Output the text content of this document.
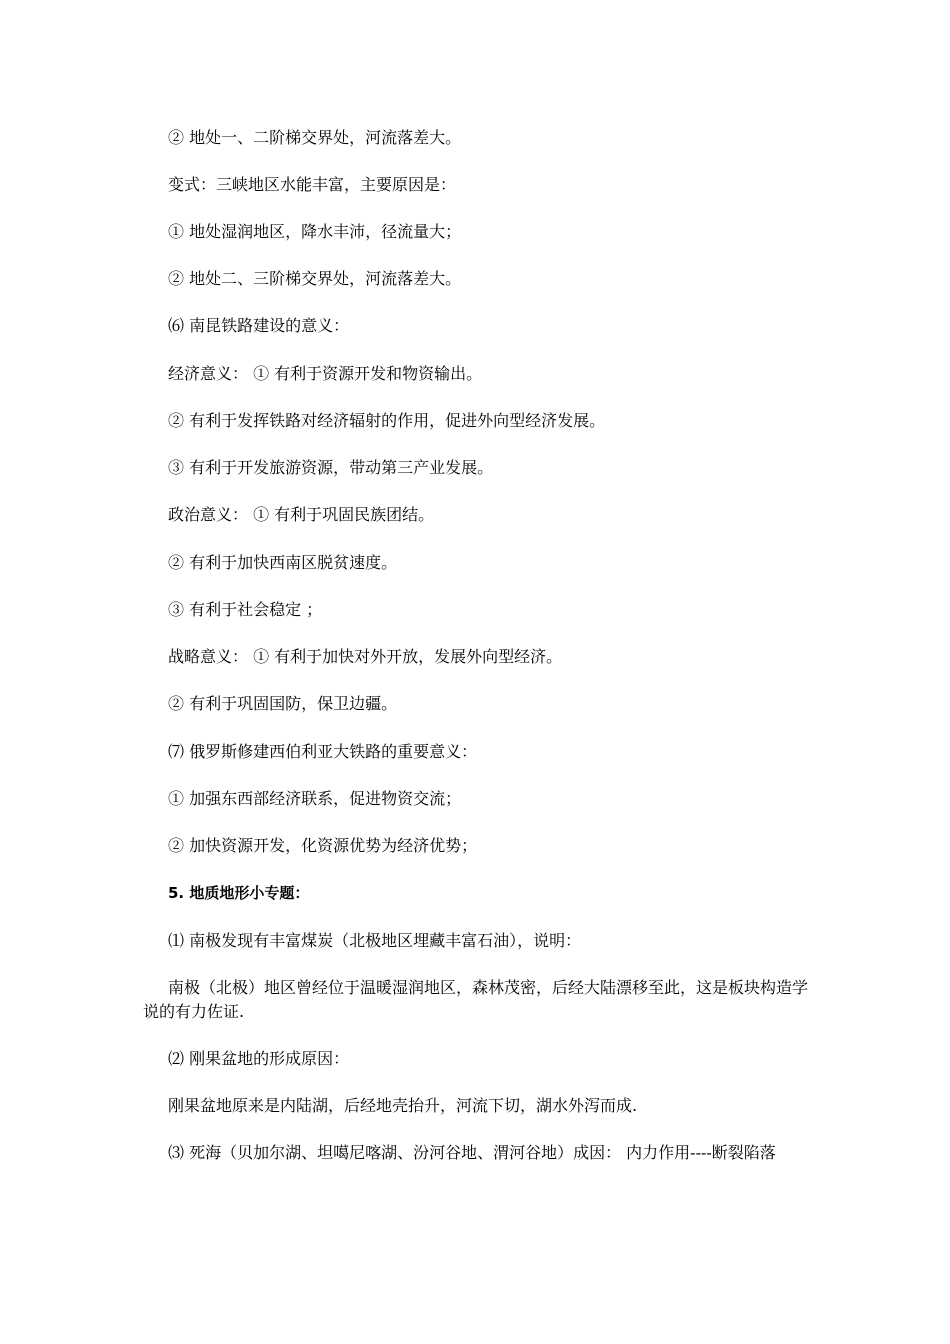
② 地处一、二阶梯交界处，河流落差大。
变式：三峡地区水能丰富，主要原因是：
① 地处湿润地区，降水丰沛，径流量大；
② 地处二、三阶梯交界处，河流落差大。
⑹ 南昆铁路建设的意义：
经济意义： ① 有利于资源开发和物资输出。
② 有利于发挥铁路对经济辐射的作用，促进外向型经济发展。
③ 有利于开发旅游资源，带动第三产业发展。
政治意义： ① 有利于巩固民族团结。
② 有利于加快西南区脱贫速度。
③ 有利于社会稳定 ；
战略意义： ① 有利于加快对外开放，发展外向型经济。
② 有利于巩固国防，保卫边疆。
⑺ 俄罗斯修建西伯利亚大铁路的重要意义：
① 加强东西部经济联系，促进物资交流；
② 加快资源开发，化资源优势为经济优势；
5. 地质地形小专题：
⑴ 南极发现有丰富煤炭（北极地区埋藏丰富石油），说明：
南极（北极）地区曾经位于温暖湿润地区，森林茂密，后经大陆漂移至此，这是板块构造学说的有力佐证.
⑵ 刚果盆地的形成原因：
刚果盆地原来是内陆湖，后经地壳抬升，河流下切，湖水外泻而成.
⑶ 死海（贝加尔湖、坦噶尼喀湖、汾河谷地、渭河谷地）成因： 内力作用----断裂陷落
